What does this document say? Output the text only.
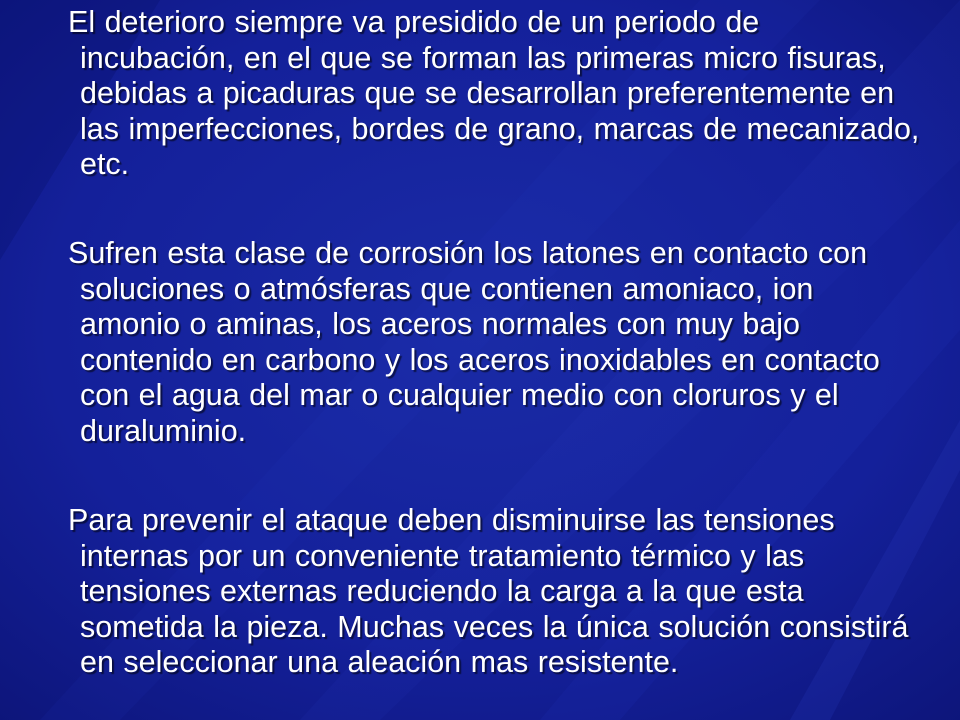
El deterioro siempre va presidido de un periodo de incubación, en el que se forman las primeras micro fisuras, debidas a picaduras que se desarrollan preferentemente en las imperfecciones, bordes de grano, marcas de mecanizado, etc.

Sufren esta clase de corrosión los latones en contacto con soluciones o atmósferas que contienen amoniaco, ion amonio o aminas, los aceros normales con muy bajo contenido en carbono y los aceros inoxidables en contacto con el agua del mar o cualquier medio con cloruros y el duraluminio.

Para prevenir el ataque deben disminuirse las tensiones internas por un conveniente tratamiento térmico y las tensiones externas reduciendo la carga a la que esta sometida la pieza. Muchas veces la única solución consistirá en seleccionar una aleación mas resistente.
